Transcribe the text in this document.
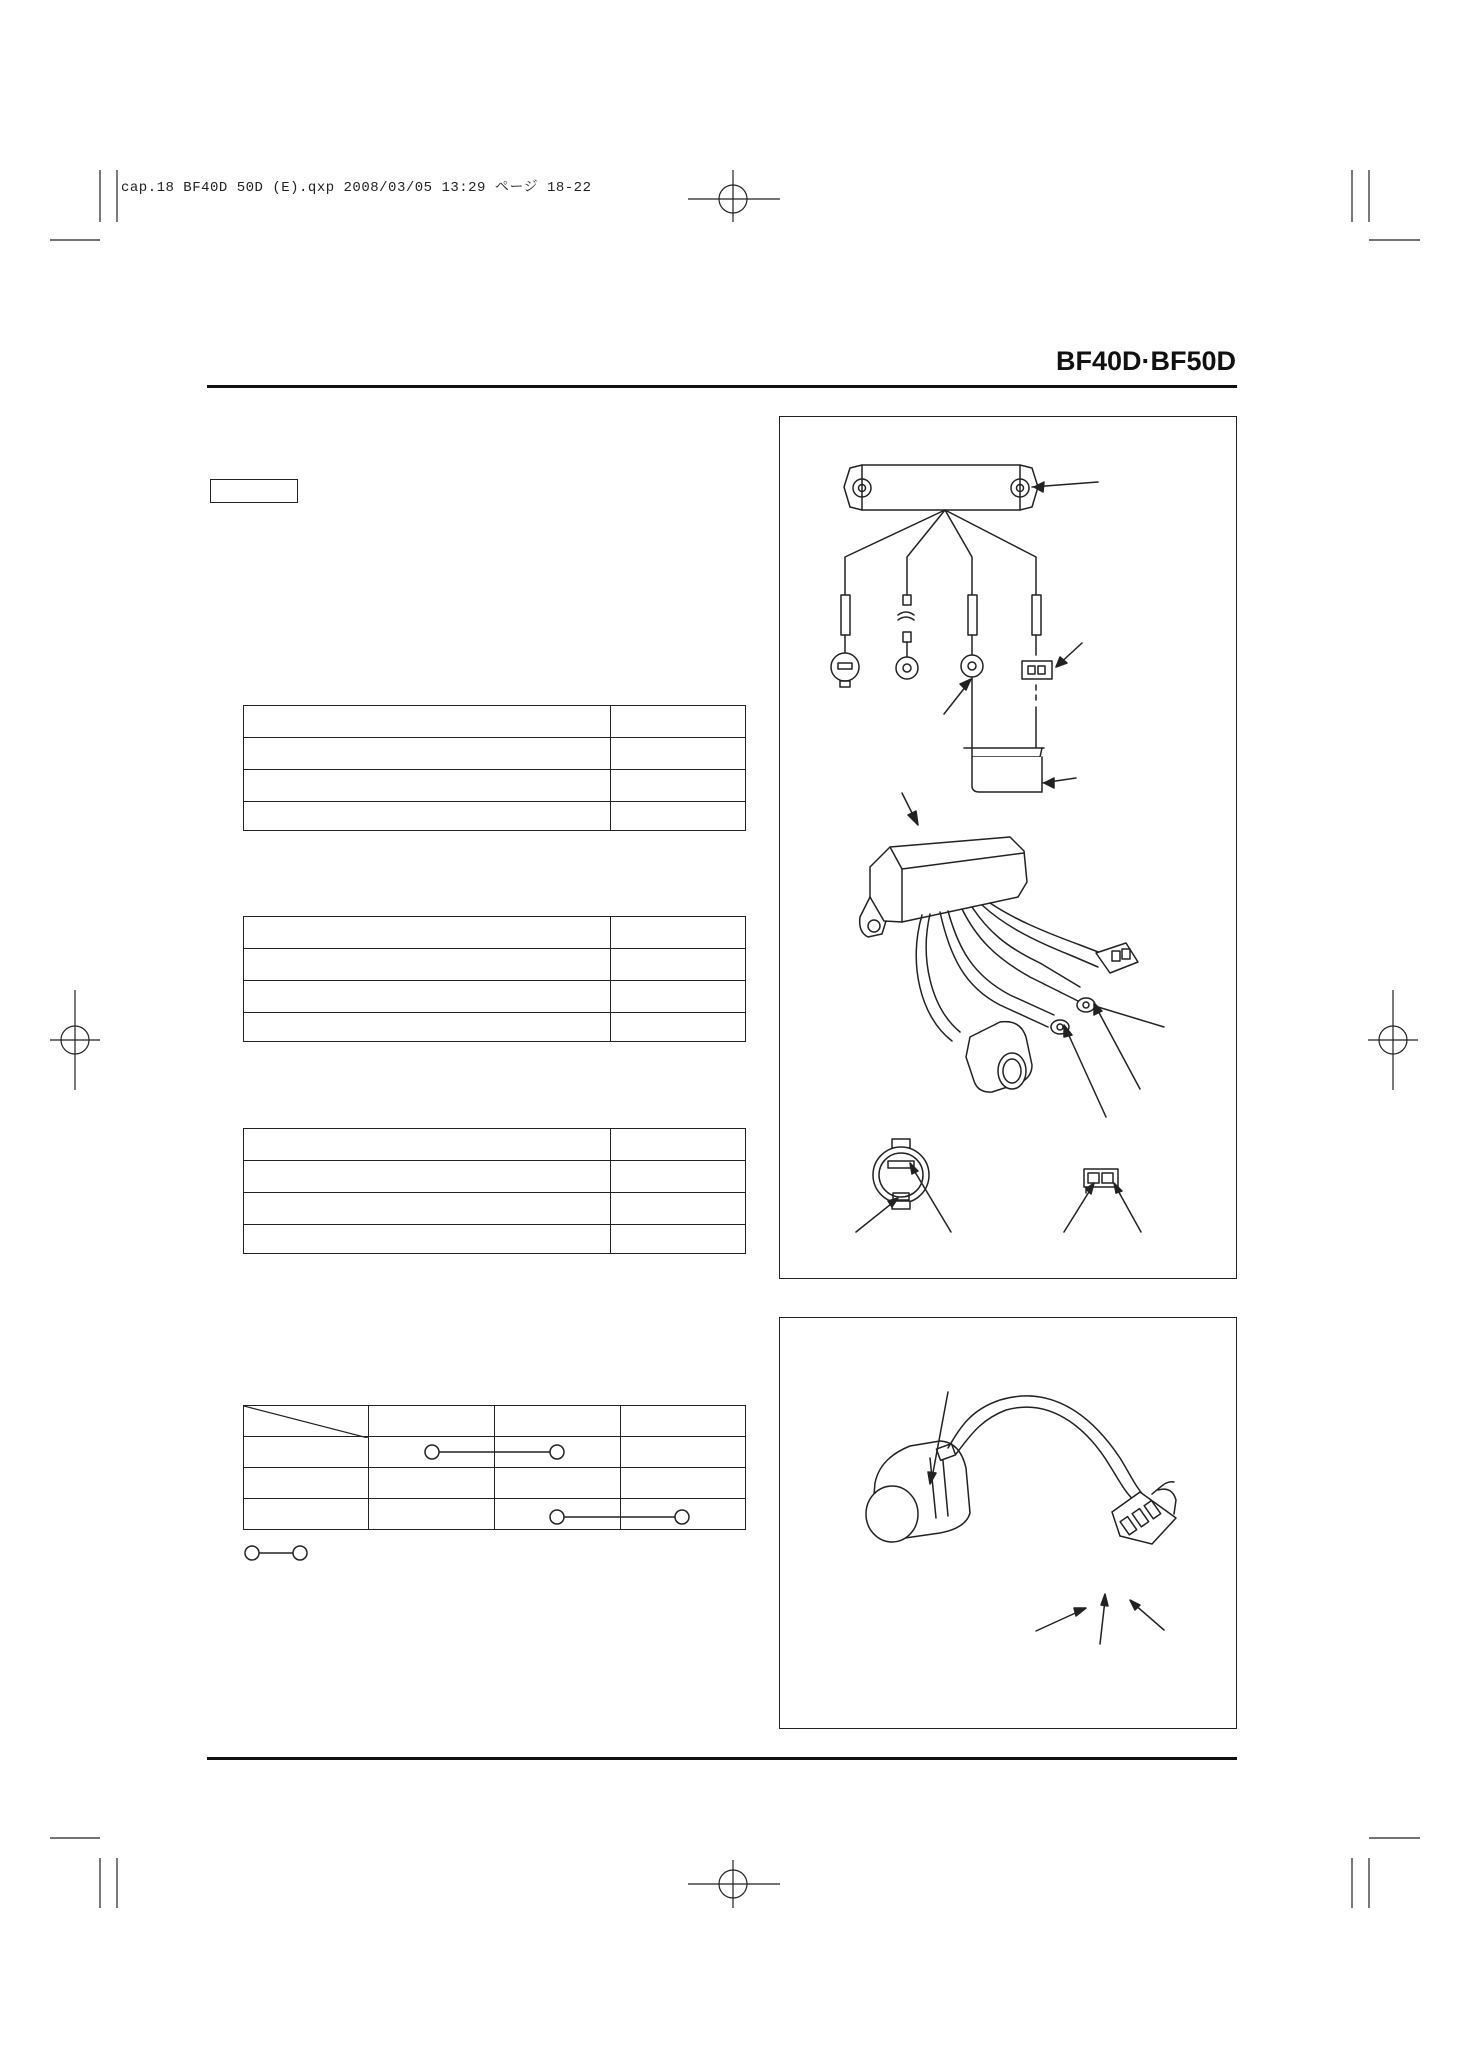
cap.18 BF40D 50D (E).qxp 2008/03/05 13:29 ページ 18-22
BF40D·BF50D
